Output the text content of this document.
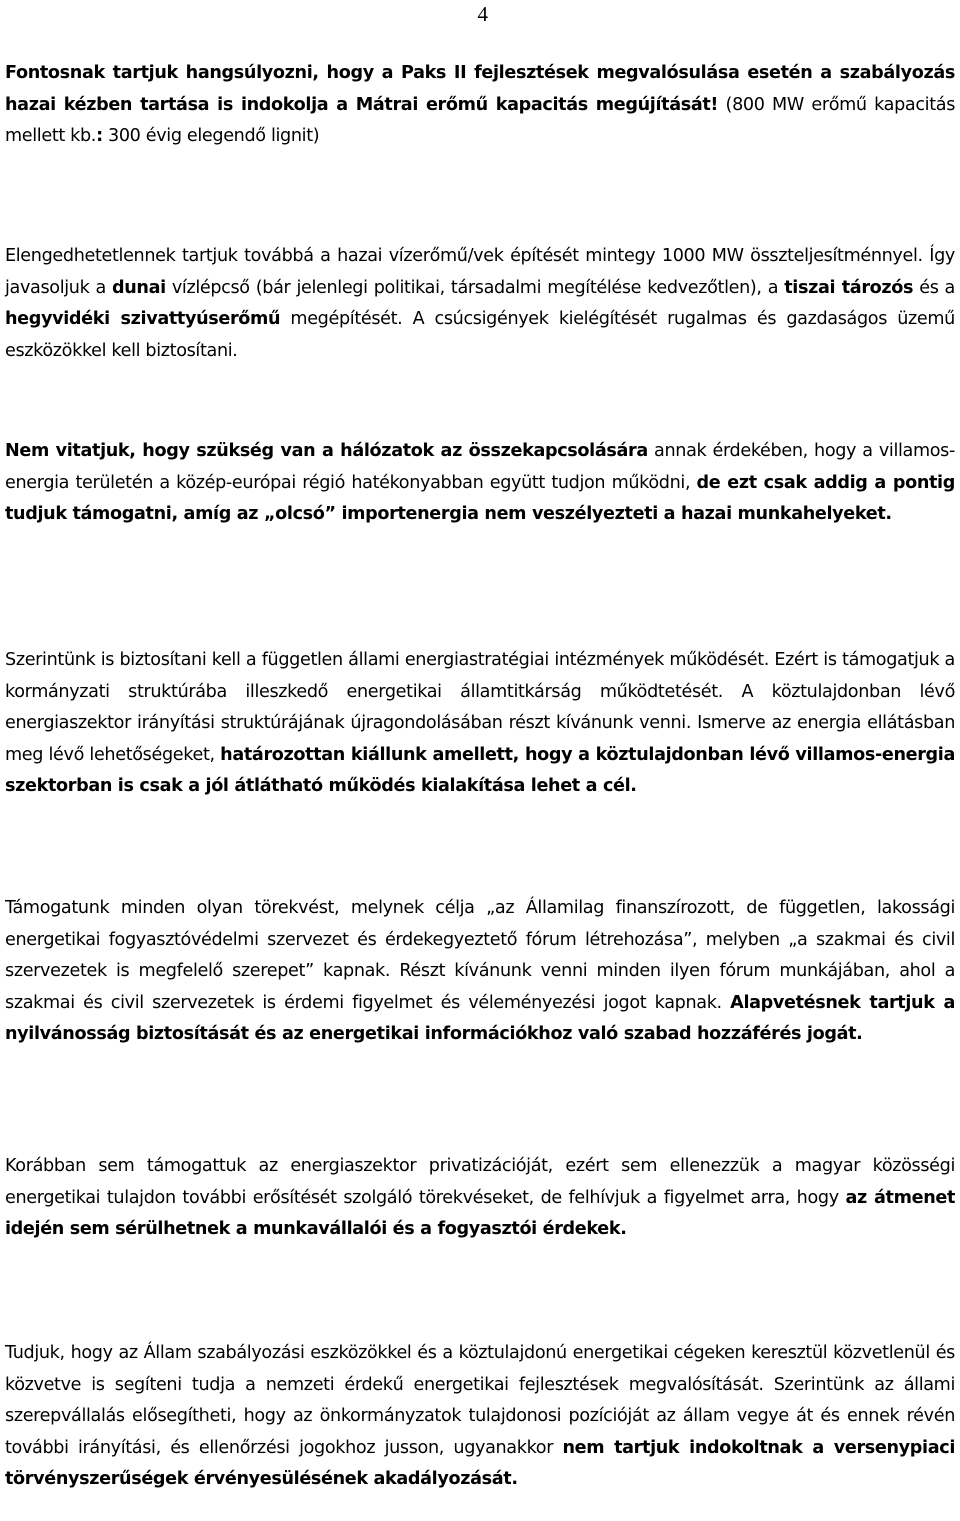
4

Fontosnak tartjuk hangsúlyozni, hogy a Paks II fejlesztések megvalósulása esetén a szabályozás hazai kézben tartása is indokolja a Mátrai erőmű kapacitás megújítását! (800 MW erőmű kapacitás mellett kb.: 300 évig elegendő lignit)

Elengedhetetlennek tartjuk továbbá a hazai vízerőmű/vek építését mintegy 1000 MW összteljesítménnyel. Így javasoljuk a dunai vízlépcső (bár jelenlegi politikai, társadalmi megítélése kedvezőtlen), a tiszai tározós és a hegyvidéki szivattyúserőmű megépítését. A csúcsigények kielégítését rugalmas és gazdaságos üzemű eszközökkel kell biztosítani.

Nem vitatjuk, hogy szükség van a hálózatok az összekapcsolására annak érdekében, hogy a villamos-energia területén a közép-európai régió hatékonyabban együtt tudjon működni, de ezt csak addig a pontig tudjuk támogatni, amíg az „olcsó” importenergia nem veszélyezteti a hazai munkahelyeket.

Szerintünk is biztosítani kell a független állami energiastratégiai intézmények működését. Ezért is támogatjuk a kormányzati struktúrába illeszkedő energetikai államtitkárság működtetését. A köztulajdonban lévő energiaszektor irányítási struktúrájának újragondolásában részt kívánunk venni. Ismerve az energia ellátásban meg lévő lehetőségeket, határozottan kiállunk amellett, hogy a köztulajdonban lévő villamos-energia szektorban is csak a jól átlátható működés kialakítása lehet a cél.

Támogatunk minden olyan törekvést, melynek célja „az Államilag finanszírozott, de független, lakossági energetikai fogyasztóvédelmi szervezet és érdekegyeztető fórum létrehozása”, melyben „a szakmai és civil szervezetek is megfelelő szerepet” kapnak. Részt kívánunk venni minden ilyen fórum munkájában, ahol a szakmai és civil szervezetek is érdemi figyelmet és véleményezési jogot kapnak. Alapvetésnek tartjuk a nyilvánosság biztosítását és az energetikai információkhoz való szabad hozzáférés jogát.

Korábban sem támogattuk az energiaszektor privatizációját, ezért sem ellenezzük a magyar közösségi energetikai tulajdon további erősítését szolgáló törekvéseket, de felhívjuk a figyelmet arra, hogy az átmenet idején sem sérülhetnek a munkavállalói és a fogyasztói érdekek.

Tudjuk, hogy az Állam szabályozási eszközökkel és a köztulajdonú energetikai cégeken keresztül közvetlenül és közvetve is segíteni tudja a nemzeti érdekű energetikai fejlesztések megvalósítását. Szerintünk az állami szerepvállalás elősegítheti, hogy az önkormányzatok tulajdonosi pozícióját az állam vegye át és ennek révén további irányítási, és ellenőrzési jogokhoz jusson, ugyanakkor nem tartjuk indokoltnak a versenypiaci törvényszerűségek érvényesülésének akadályozását.
